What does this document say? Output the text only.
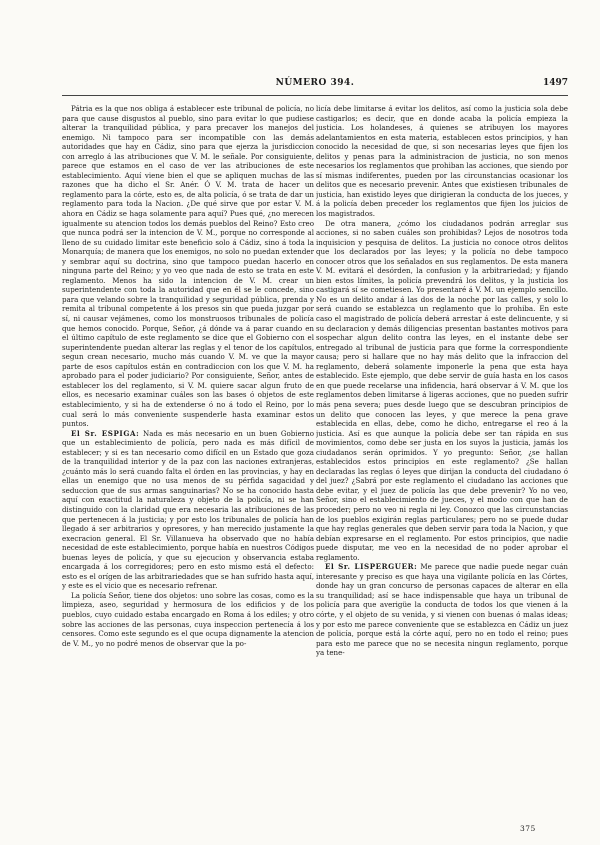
NÚMERO 394.	1497

Pátria es la que nos obliga á establecer este tribunal de policía, no para que cause disgustos al pueblo, sino para evitar lo que pudiese alterar la tranquilidad pública, y para precaver los manejos del enemigo. Ni tampoco para ser incompatible con las demás autoridades que hay en Cádiz, sino para que ejerza la jurisdiccion con arreglo á las atribuciones que V. M. le señale. Por consiguiente, parece que estamos en el caso de ver las atribuciones de este establecimiento. Aquí viene bien el que se apliquen muchas de las razones que ha dicho el Sr. Anér. Ó V. M. trata de hacer un reglamento para la córte, esto es, de alta policía, ó se trata de dar un reglamento para toda la Nacion. ¿De qué sirve que por estar V. M. ahora en Cádiz se haga solamente para aquí? Pues qué, ¿no merecen igualmente su atencion todos los demás pueblos del Reino? Esto creo que nunca podrá ser la intencion de V. M., porque no corresponde al lleno de su cuidado limitar este beneficio solo á Cádiz, sino á toda la Monarquía; de manera que los enemigos, no solo no puedan extender y sembrar aquí su doctrina, sino que tampoco puedan hacerlo en ninguna parte del Reino; y yo veo que nada de esto se trata en este reglamento. Menos ha sido la intencion de V. M. crear un superintendente con toda la autoridad que en él se le concede, sino para que velando sobre la tranquilidad y seguridad pública, prenda y remita al tribunal competente á los presos sin que pueda juzgar por sí, ni causar vejámenes, como los monstruosos tribunales de policía que hemos conocido. Porque, Señor, ¿á dónde va á parar cuando en el último capítulo de este reglamento se dice que el Gobierno con el superintendente puedan alterar las reglas y el tenor de los capítulos, segun crean necesario, mucho más cuando V. M. ve que la mayor parte de esos capítulos están en contradiccion con los que V. M. ha aprobado para el poder judiciario? Por consiguiente, Señor, antes de establecer los del reglamento, si V. M. quiere sacar algun fruto de ellos, es necesario examinar cuáles son las bases ó objetos de este establecimiento, y si ha de extenderse ó no á todo el Reino, por lo cual será lo más conveniente suspenderle hasta examinar estos puntos.

El Sr. ESPIGA: Nada es más necesario en un buen Gobierno que un establecimiento de policía, pero nada es más difícil de establecer; y si es tan necesario como difícil en un Estado que goza de la tranquilidad interior y de la paz con las naciones extranjeras, ¿cuánto más lo será cuando falta el órden en las provincias, y hay en ellas un enemigo que no usa menos de su pérfida sagacidad y seduccion que de sus armas sanguinarias? No se ha conocido hasta aquí con exactitud la naturaleza y objeto de la policía, ni se han distinguido con la claridad que era necesaria las atribuciones de las que pertenecen á la justicia; y por esto los tribunales de policía han llegado á ser arbitrarios y opresores, y han merecido justamente la execracion general. El Sr. Villanueva ha observado que no había necesidad de este establecimiento, porque había en nuestros Códigos buenas leyes de policía, y que su ejecucion y observancia estaba encargada á los corregidores; pero en esto mismo está el defecto: esto es el orígen de las arbitrariedades que se han sufrido hasta aquí, y este es el vicio que es necesario refrenar.

La policía Señor, tiene dos objetos: uno sobre las cosas, como es la limpieza, aseo, seguridad y hermosura de los edificios y de los pueblos, cuyo cuidado estaba encargado en Roma á los ediles; y otro sobre las acciones de las personas, cuya inspeccion pertenecía á los censores. Como este segundo es el que ocupa dignamente la atencion de V. M., yo no podré menos de observar que la po-

licía debe limitarse á evitar los delitos, así como la justicia sola debe castigarlos; es decir, que en donde acaba la policía empieza la justicia. Los holandeses, á quienes se atribuyen los mayores adelantamientos en esta materia, establecen estos principios, y han conocido la necesidad de que, si son necesarias leyes que fijen los delitos y penas para la administracion de justicia, no son menos necesarios los reglamentos que prohiban las acciones, que siendo por sí mismas indiferentes, pueden por las circunstancias ocasionar los delitos que es necesario prevenir. Antes que existiesen tribunales de justicia, han existido leyes que dirigieran la conducta de los jueces, y á la policía deben preceder los reglamentos que fijen los juicios de los magistrados.

De otra manera, ¿cómo los ciudadanos podrán arreglar sus acciones, si no saben cuáles son prohibidas? Lejos de nosotros toda inquisicion y pesquisa de delitos. La justicia no conoce otros delitos que los declarados por las leyes; y la policía no debe tampoco conocer otros que los señalados en sus reglamentos. De esta manera V. M. evitará el desórden, la confusion y la arbitrariedad; y fijando bien estos límites, la policía prevendrá los delitos, y la justicia los castigará sí se cometiesen. Yo presentaré á V. M. un ejemplo sencillo. No es un delito andar á las dos de la noche por las calles, y solo lo será cuando se establezca un reglamento que lo prohiba. En este caso el magistrado de policía deberá arrestar á este delincuente, y si su declaracion y demás diligencias presentan bastantes motivos para sospechar algun delito contra las leyes, en el instante debe ser entregado al tribunal de justicia para que forme la correspondiente causa; pero si hallare que no hay más delito que la infraccion del reglamento, deberá solamente imponerle la pena que esta haya establecido. Este ejemplo, que debe servir de guía hasta en los casos en que puede recelarse una infidencia, hará observar á V. M. que los reglamentos deben limitarse á ligeras acciones, que no pueden sufrir más pena severa; pues desde luego que se descubran principios de un delito que conocen las leyes, y que merece la pena grave establecida en ellas, debe, como he dicho, entregarse el reo á la justicia. Así es que aunque la policía debe ser tan rápida en sus movimientos, como debe ser justa en los suyos la justicia, jamás los ciudadanos serán oprimidos. Y yo pregunto: Señor, ¿se hallan establecidos estos principios en este reglamento? ¿Se hallan declaradas las reglas ó leyes que dirijan la conducta del ciudadano ó del juez? ¿Sabrá por este reglamento el ciudadano las acciones que debe evitar, y el juez de policía las que debe prevenir? Yo no veo, Señor, sino el establecimiento de jueces, y el modo con que han de proceder; pero no veo ni regla ni ley. Conozco que las circunstancias de los pueblos exigirán reglas particulares; pero no se puede dudar que hay reglas generales que deben servir para toda la Nacion, y que debían expresarse en el reglamento. Por estos principios, que nadie puede disputar, me veo en la necesidad de no poder aprobar el reglamento.

El Sr. LISPERGUER: Me parece que nadie puede negar cuán interesante y preciso es que haya una vigilante policía en las Córtes, donde hay un gran concurso de personas capaces de alterar en ella su tranquilidad; así se hace indispensable que haya un tribunal de policía para que averigüe la conducta de todos los que vienen á la córte, y el objeto de su venida, y si vienen con buenas ó malas ideas; y por esto me parece conveniente que se establezca en Cádiz un juez de policía, porque está la córte aquí, pero no en todo el reino; pues para esto me parece que no se necesita ningun reglamento, porque ya tene-

375
